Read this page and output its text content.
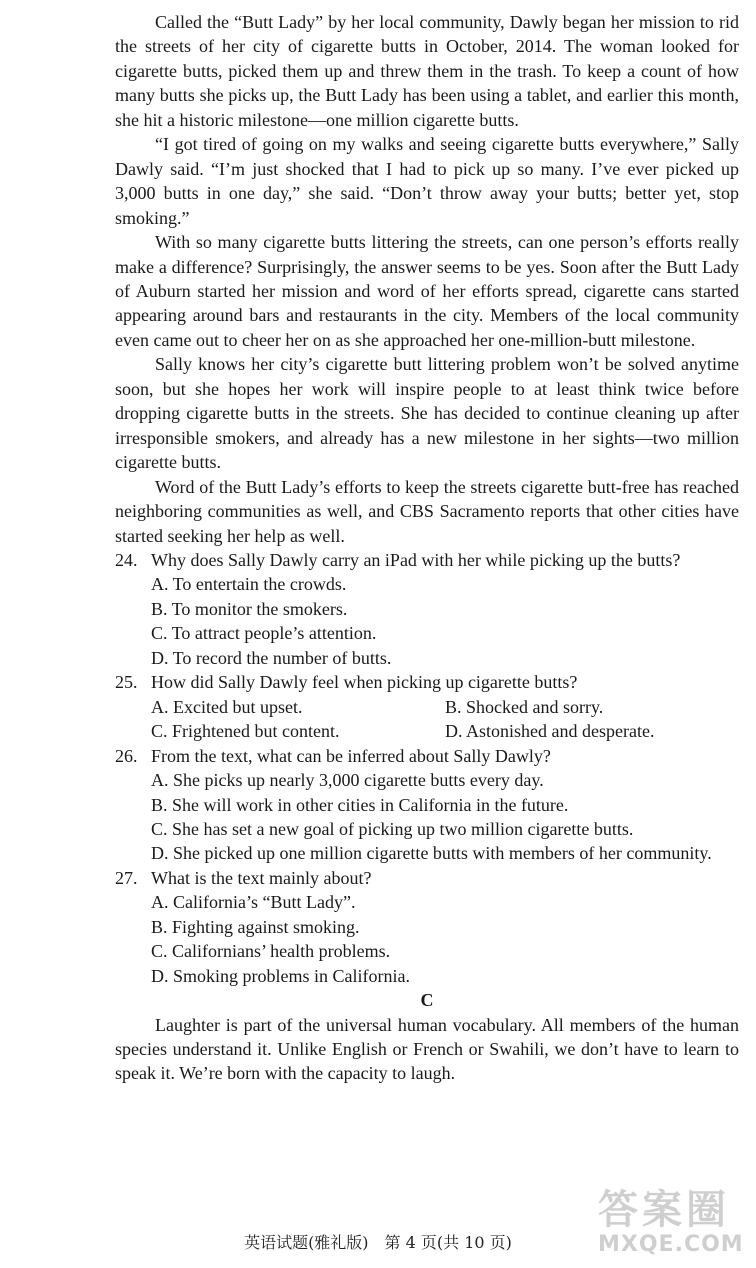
Called the “Butt Lady” by her local community, Dawly began her mission to rid the streets of her city of cigarette butts in October, 2014. The woman looked for cigarette butts, picked them up and threw them in the trash. To keep a count of how many butts she picks up, the Butt Lady has been using a tablet, and earlier this month, she hit a historic milestone—one million cigarette butts.

“I got tired of going on my walks and seeing cigarette butts everywhere,” Sally Dawly said. “I’m just shocked that I had to pick up so many. I’ve ever picked up 3,000 butts in one day,” she said. “Don’t throw away your butts; better yet, stop smoking.”

With so many cigarette butts littering the streets, can one person’s efforts really make a difference? Surprisingly, the answer seems to be yes. Soon after the Butt Lady of Auburn started her mission and word of her efforts spread, cigarette cans started appearing around bars and restaurants in the city. Members of the local community even came out to cheer her on as she approached her one-million-butt milestone.

Sally knows her city’s cigarette butt littering problem won’t be solved anytime soon, but she hopes her work will inspire people to at least think twice before dropping cigarette butts in the streets. She has decided to continue cleaning up after irresponsible smokers, and already has a new milestone in her sights—two million cigarette butts.

Word of the Butt Lady’s efforts to keep the streets cigarette butt-free has reached neighboring communities as well, and CBS Sacramento reports that other cities have started seeking her help as well.

24. Why does Sally Dawly carry an iPad with her while picking up the butts?
A. To entertain the crowds.
B. To monitor the smokers.
C. To attract people’s attention.
D. To record the number of butts.
25. How did Sally Dawly feel when picking up cigarette butts?
A. Excited but upset.	B. Shocked and sorry.
C. Frightened but content.	D. Astonished and desperate.
26. From the text, what can be inferred about Sally Dawly?
A. She picks up nearly 3,000 cigarette butts every day.
B. She will work in other cities in California in the future.
C. She has set a new goal of picking up two million cigarette butts.
D. She picked up one million cigarette butts with members of her community.
27. What is the text mainly about?
A. California’s “Butt Lady”.
B. Fighting against smoking.
C. Californians’ health problems.
D. Smoking problems in California.
C

Laughter is part of the universal human vocabulary. All members of the human species understand it. Unlike English or French or Swahili, we don’t have to learn to speak it. We’re born with the capacity to laugh.

英语试题(雅礼版)　第 4 页(共 10 页)
答案圈
MXQE.COM
